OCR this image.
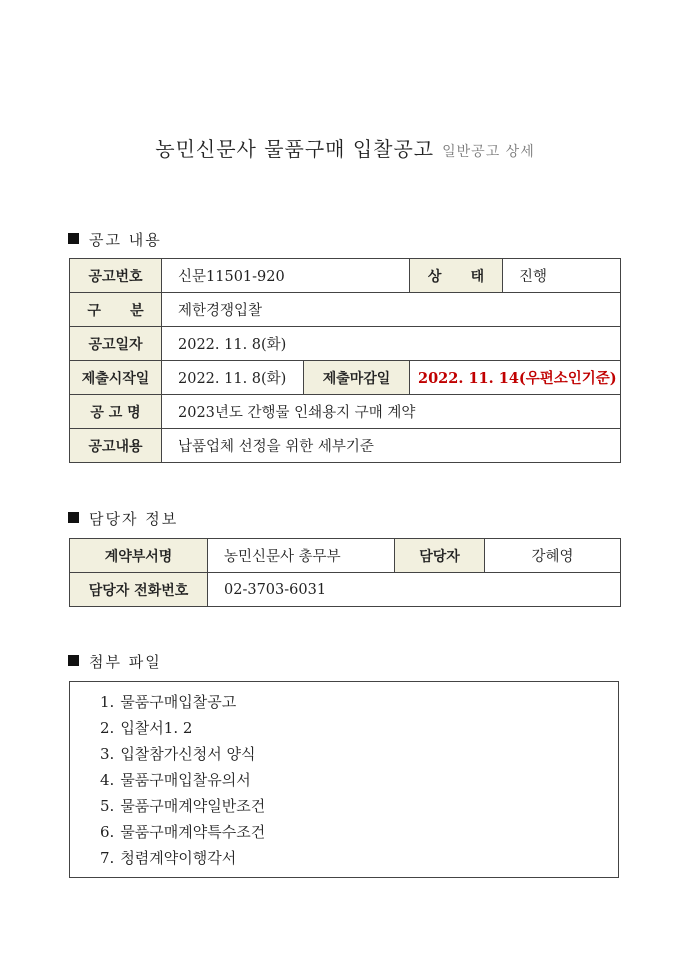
농민신문사 물품구매 입찰공고 일반공고 상세
공고 내용
공고번호	신문11501-920		상      태	진행
구      분	제한경쟁입찰			
공고일자	2022. 11. 8(화)			
제출시작일	2022. 11. 8(화)	제출마감일	2022. 11. 14(우편소인기준)	
공 고 명	2023년도 간행물 인쇄용지 구매 계약			
공고내용	납품업체 선정을 위한 세부기준			
담당자 정보
계약부서명	농민신문사 총무부	담당자	강혜영
담당자 전화번호	02-3703-6031		
첨부 파일
1. 물품구매입찰공고
2. 입찰서1. 2
3. 입찰참가신청서 양식
4. 물품구매입찰유의서
5. 물품구매계약일반조건
6. 물품구매계약특수조건
7. 청렴계약이행각서
